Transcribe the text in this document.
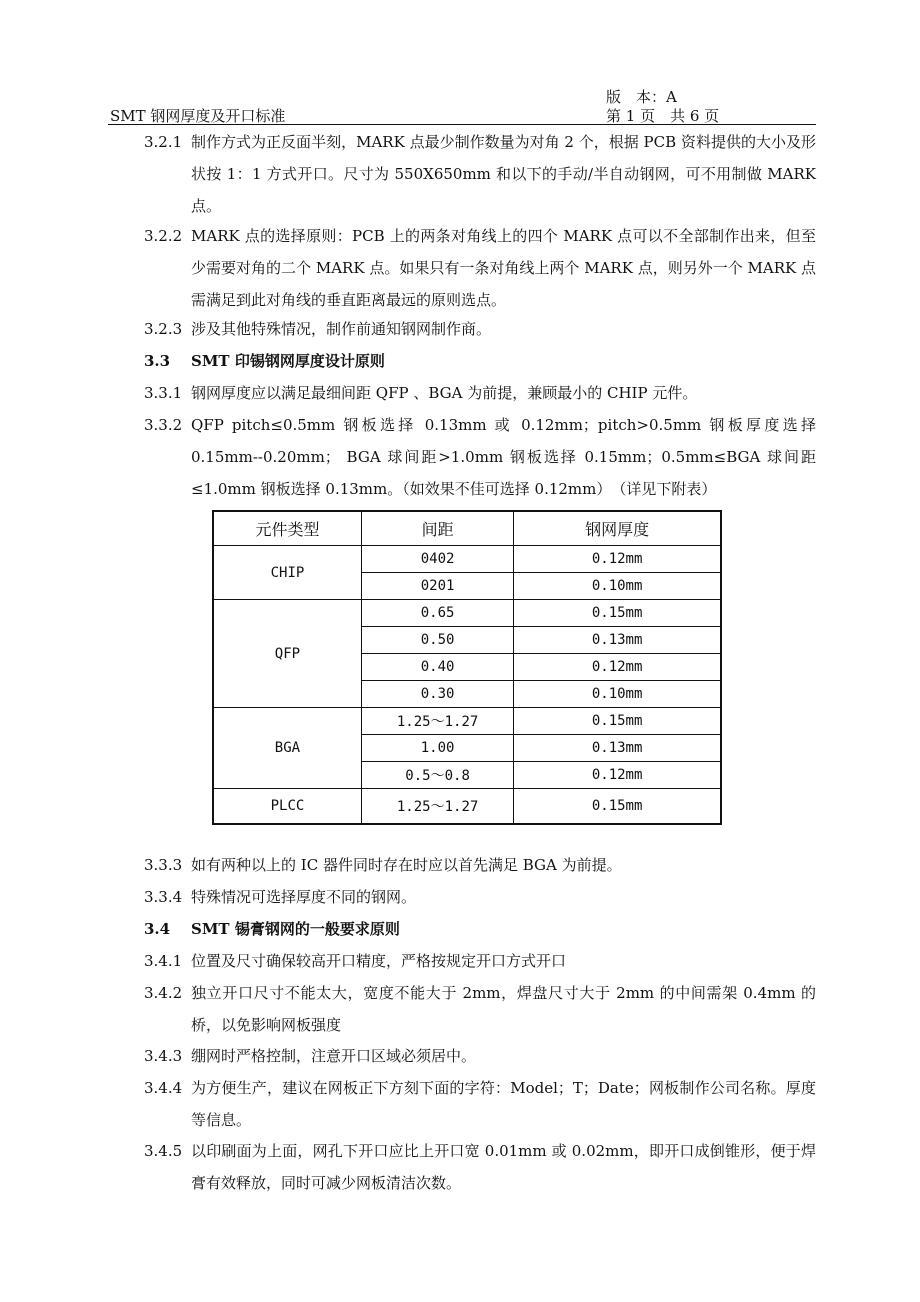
版　本：A
SMT 钢网厚度及开口标准	第 1 页　共 6 页
3.2.1 制作方式为正反面半刻，MARK 点最少制作数量为对角 2 个，根据 PCB 资料提供的大小及形状按 1：1 方式开口。尺寸为 550X650mm 和以下的手动/半自动钢网，可不用制做 MARK 点。
3.2.2 MARK 点的选择原则：PCB 上的两条对角线上的四个 MARK 点可以不全部制作出来，但至少需要对角的二个 MARK 点。如果只有一条对角线上两个 MARK 点，则另外一个 MARK 点需满足到此对角线的垂直距离最远的原则选点。
3.2.3 涉及其他特殊情况，制作前通知钢网制作商。
3.3 SMT 印锡钢网厚度设计原则
3.3.1 钢网厚度应以满足最细间距 QFP 、BGA 为前提，兼顾最小的 CHIP 元件。
3.3.2 QFP pitch≤0.5mm 钢板选择 0.13mm 或 0.12mm；pitch>0.5mm 钢板厚度选择 0.15mm--0.20mm； BGA 球间距>1.0mm 钢板选择 0.15mm；0.5mm≤BGA 球间距≤1.0mm 钢板选择 0.13mm。（如效果不佳可选择 0.12mm）　（详见下附表）
元件类型	间距	钢网厚度
CHIP	0402	0.12mm
	0201	0.10mm
QFP	0.65	0.15mm
	0.50	0.13mm
	0.40	0.12mm
	0.30	0.10mm
BGA	1.25～1.27	0.15mm
	1.00	0.13mm
	0.5～0.8	0.12mm
PLCC	1.25～1.27	0.15mm
3.3.3 如有两种以上的 IC 器件同时存在时应以首先满足 BGA 为前提。
3.3.4 特殊情况可选择厚度不同的钢网。
3.4 SMT 锡膏钢网的一般要求原则
3.4.1 位置及尺寸确保较高开口精度，严格按规定开口方式开口
3.4.2 独立开口尺寸不能太大，宽度不能大于 2mm，焊盘尺寸大于 2mm 的中间需架 0.4mm 的桥，以免影响网板强度
3.4.3 绷网时严格控制，注意开口区域必须居中。
3.4.4 为方便生产，建议在网板正下方刻下面的字符：Model；T；Date；网板制作公司名称。厚度等信息。
3.4.5 以印刷面为上面，网孔下开口应比上开口宽 0.01mm 或 0.02mm，即开口成倒锥形，便于焊膏有效释放，同时可减少网板清洁次数。
